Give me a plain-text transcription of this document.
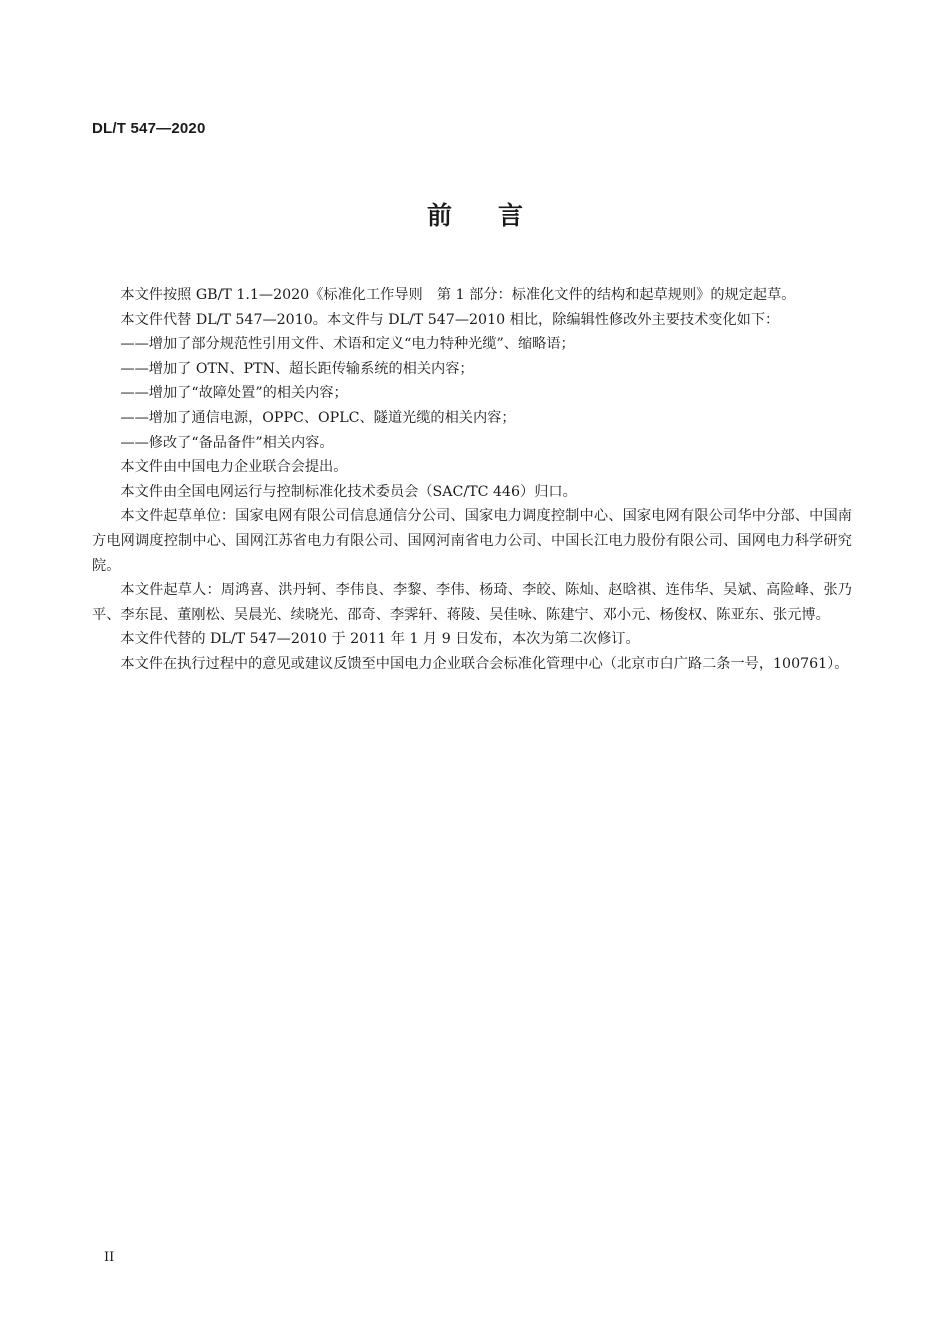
DL/T 547—2020
前言

本文件按照 GB/T 1.1—2020《标准化工作导则　第 1 部分：标准化文件的结构和起草规则》的规定起草。

本文件代替 DL/T 547—2010。本文件与 DL/T 547—2010 相比，除编辑性修改外主要技术变化如下：

——增加了部分规范性引用文件、术语和定义“电力特种光缆”、缩略语；

——增加了 OTN、PTN、超长距传输系统的相关内容；

——增加了“故障处置”的相关内容；

——增加了通信电源，OPPC、OPLC、隧道光缆的相关内容；

——修改了“备品备件”相关内容。

本文件由中国电力企业联合会提出。

本文件由全国电网运行与控制标准化技术委员会（SAC/TC 446）归口。

本文件起草单位：国家电网有限公司信息通信分公司、国家电力调度控制中心、国家电网有限公司华中分部、中国南方电网调度控制中心、国网江苏省电力有限公司、国网河南省电力公司、中国长江电力股份有限公司、国网电力科学研究院。

本文件起草人：周鸿喜、洪丹轲、李伟良、李黎、李伟、杨琦、李皎、陈灿、赵晗祺、连伟华、吴斌、高险峰、张乃平、李东昆、董刚松、吴晨光、续晓光、邵奇、李霁轩、蒋陵、吴佳咏、陈建宁、邓小元、杨俊权、陈亚东、张元博。

本文件代替的 DL/T 547—2010 于 2011 年 1 月 9 日发布，本次为第二次修订。

本文件在执行过程中的意见或建议反馈至中国电力企业联合会标准化管理中心（北京市白广路二条一号，100761）。

II
